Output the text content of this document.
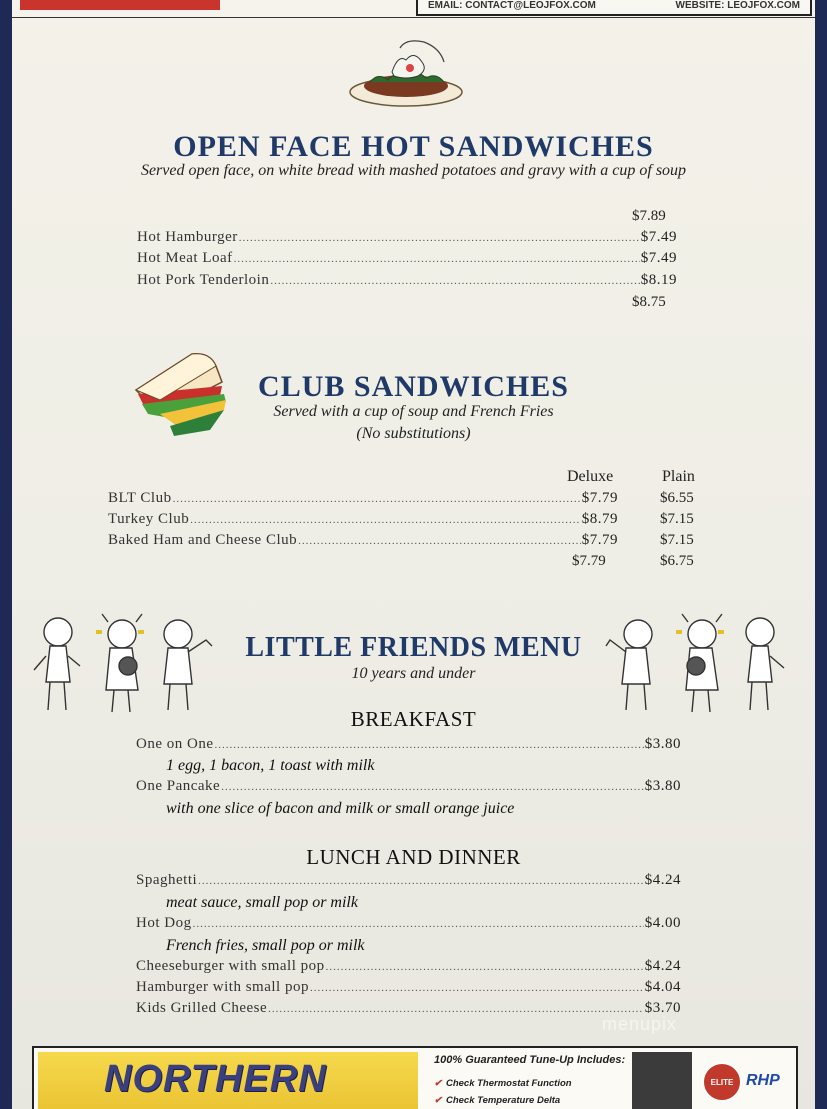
EMAIL: CONTACT@LEOJFOX.COM	WEBSITE: LEOJFOX.COM
OPEN FACE HOT SANDWICHES
Served open face, on white bread with mashed potatoes and gravy with a cup of soup
$7.89
Hot Hamburger .....	$7.49
Hot Meat Loaf .....	$7.49
Hot Pork Tenderloin .....	$8.19
$8.75
CLUB SANDWICHES
Served with a cup of soup and French Fries
(No substitutions)
Deluxe	Plain
BLT Club .....	$7.79	$6.55
Turkey Club .....	$8.79	$7.15
Baked Ham and Cheese Club .....	$7.79	$7.15
$7.79	$6.75
LITTLE FRIENDS MENU
10 years and under
BREAKFAST
One on One .....	$3.80
1 egg, 1 bacon, 1 toast with milk
One Pancake .....	$3.80
with one slice of bacon and milk or small orange juice
LUNCH AND DINNER
Spaghetti .....	$4.24
meat sauce, small pop or milk
Hot Dog .....	$4.00
French fries, small pop or milk
Cheeseburger with small pop .....	$4.24
Hamburger with small pop .....	$4.04
Kids Grilled Cheese .....	$3.70
menupix
NORTHERN	100% Guaranteed Tune-Up Includes:
✔ Check Thermostat Function
✔ Check Temperature Delta
ELITE RHP
